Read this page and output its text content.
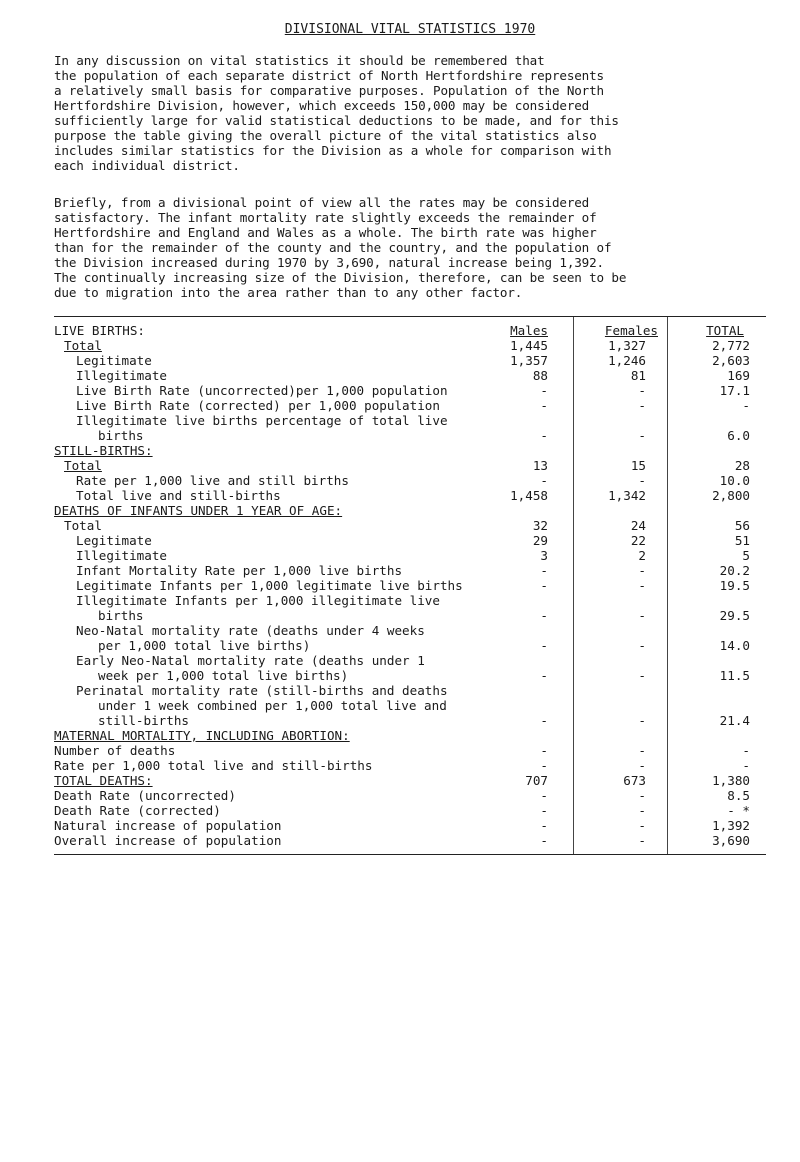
DIVISIONAL VITAL STATISTICS 1970

In any discussion on vital statistics it should be remembered that

the population of each separate district of North Hertfordshire represents

a relatively small basis for comparative purposes. Population of the North

Hertfordshire Division, however, which exceeds 150,000 may be considered

sufficiently large for valid statistical deductions to be made, and for this

purpose the table giving the overall picture of the vital statistics also

includes similar statistics for the Division as a whole for comparison with

each individual district.

Briefly, from a divisional point of view all the rates may be considered

satisfactory. The infant mortality rate slightly exceeds the remainder of

Hertfordshire and England and Wales as a whole. The birth rate was higher

than for the remainder of the county and the country, and the population of

the Division increased during 1970 by 3,690, natural increase being 1,392.

The continually increasing size of the Division, therefore, can be seen to be

due to migration into the area rather than to any other factor.

LIVE BIRTHS:	Males	Females	TOTAL
Total	1,445	1,327	2,772
Legitimate	1,357	1,246	2,603
Illegitimate	88	81	169
Live Birth Rate (uncorrected)per 1,000 population	-	-	17.1
Live Birth Rate (corrected) per 1,000 population	-	-	-
Illegitimate live births percentage of total live
births	-	-	6.0
STILL-BIRTHS:
Total	13	15	28
Rate per 1,000 live and still births	-	-	10.0
Total live and still-births	1,458	1,342	2,800
DEATHS OF INFANTS UNDER 1 YEAR OF AGE:
Total	32	24	56
Legitimate	29	22	51
Illegitimate	3	2	5
Infant Mortality Rate per 1,000 live births	-	-	20.2
Legitimate Infants per 1,000 legitimate live births	-	-	19.5
Illegitimate Infants per 1,000 illegitimate live
births	-	-	29.5
Neo-Natal mortality rate (deaths under 4 weeks
per 1,000 total live births)	-	-	14.0
Early Neo-Natal mortality rate (deaths under 1
week per 1,000 total live births)	-	-	11.5
Perinatal mortality rate (still-births and deaths
under 1 week combined per 1,000 total live and
still-births	-	-	21.4
MATERNAL MORTALITY, INCLUDING ABORTION:
Number of deaths	-	-	-
Rate per 1,000 total live and still-births	-	-	-
TOTAL DEATHS:	707	673	1,380
Death Rate (uncorrected)	-	-	8.5
Death Rate (corrected)	-	-	- *
Natural increase of population	-	-	1,392
Overall increase of population	-	-	3,690
